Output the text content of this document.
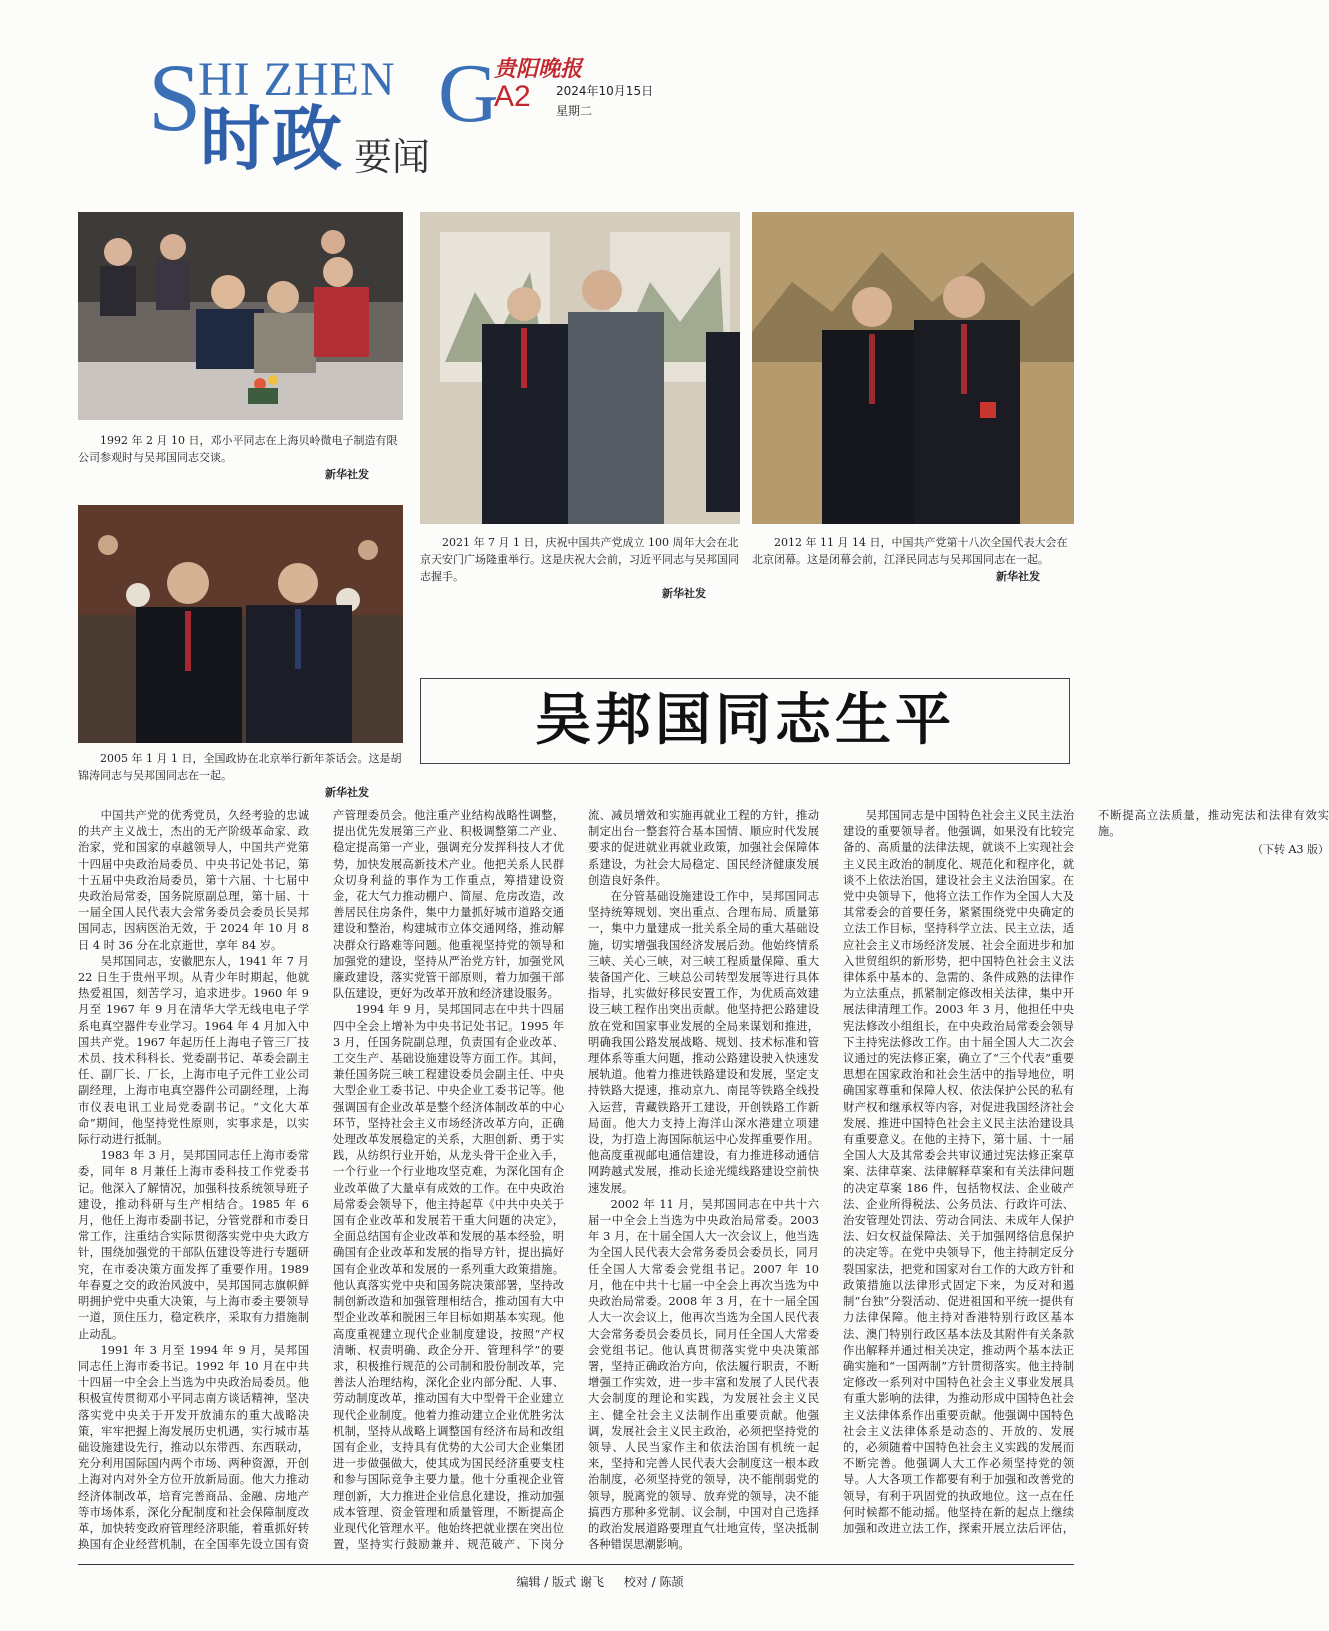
S
HI ZHEN G
时政 要闻
贵阳晚报
A2 2024年10月15日
星期二
1992 年 2 月 10 日，邓小平同志在上海贝岭微电子制造有限公司参观时与吴邦国同志交谈。
新华社发
2021 年 7 月 1 日，庆祝中国共产党成立 100 周年大会在北京天安门广场隆重举行。这是庆祝大会前，习近平同志与吴邦国同志握手。
新华社发
2012 年 11 月 14 日，中国共产党第十八次全国代表大会在北京闭幕。这是闭幕会前，江泽民同志与吴邦国同志在一起。
新华社发
2005 年 1 月 1 日，全国政协在北京举行新年茶话会。这是胡锦涛同志与吴邦国同志在一起。
新华社发
吴邦国同志生平

中国共产党的优秀党员，久经考验的忠诚的共产主义战士，杰出的无产阶级革命家、政治家，党和国家的卓越领导人，中国共产党第十四届中央政治局委员、中央书记处书记，第十五届中央政治局委员，第十六届、十七届中央政治局常委，国务院原副总理，第十届、十一届全国人民代表大会常务委员会委员长吴邦国同志，因病医治无效，于 2024 年 10 月 8 日 4 时 36 分在北京逝世，享年 84 岁。

吴邦国同志，安徽肥东人，1941 年 7 月 22 日生于贵州平坝。从青少年时期起，他就热爱祖国，刻苦学习，追求进步。1960 年 9 月至 1967 年 9 月在清华大学无线电电子学系电真空器件专业学习。1964 年 4 月加入中国共产党。1967 年起历任上海电子管三厂技术员、技术科科长、党委副书记、革委会副主任、副厂长、厂长，上海市电子元件工业公司副经理，上海市电真空器件公司副经理，上海市仪表电讯工业局党委副书记。“文化大革命”期间，他坚持党性原则，实事求是，以实际行动进行抵制。

1983 年 3 月，吴邦国同志任上海市委常委，同年 8 月兼任上海市委科技工作党委书记。他深入了解情况，加强科技系统领导班子建设，推动科研与生产相结合。1985 年 6 月，他任上海市委副书记，分管党群和市委日常工作，注重结合实际贯彻落实党中央大政方针，围绕加强党的干部队伍建设等进行专题研究，在市委决策方面发挥了重要作用。1989 年春夏之交的政治风波中，吴邦国同志旗帜鲜明拥护党中央重大决策，与上海市委主要领导一道，顶住压力，稳定秩序，采取有力措施制止动乱。

1991 年 3 月至 1994 年 9 月，吴邦国同志任上海市委书记。1992 年 10 月在中共十四届一中全会上当选为中央政治局委员。他积极宣传贯彻邓小平同志南方谈话精神，坚决落实党中央关于开发开放浦东的重大战略决策，牢牢把握上海发展历史机遇，实行城市基础设施建设先行，推动以东带西、东西联动，充分利用国际国内两个市场、两种资源，开创上海对内对外全方位开放新局面。他大力推动经济体制改革，培育完善商品、金融、房地产等市场体系，深化分配制度和社会保障制度改革，加快转变政府管理经济职能，着重抓好转换国有企业经营机制，在全国率先设立国有资产管理委员会。他注重产业结构战略性调整，提出优先发展第三产业、积极调整第二产业、稳定提高第一产业，强调充分发挥科技人才优势，加快发展高新技术产业。他把关系人民群众切身利益的事作为工作重点，筹措建设资金，花大气力推动棚户、简屋、危房改造，改善居民住房条件，集中力量抓好城市道路交通建设和整治，构建城市立体交通网络，推动解决群众行路难等问题。他重视坚持党的领导和加强党的建设，坚持从严治党方针，加强党风廉政建设，落实党管干部原则，着力加强干部队伍建设，更好为改革开放和经济建设服务。

1994 年 9 月，吴邦国同志在中共十四届四中全会上增补为中央书记处书记。1995 年 3 月，任国务院副总理，负责国有企业改革、工交生产、基础设施建设等方面工作。其间，兼任国务院三峡工程建设委员会副主任、中央大型企业工委书记、中央企业工委书记等。他强调国有企业改革是整个经济体制改革的中心环节，坚持社会主义市场经济改革方向，正确处理改革发展稳定的关系，大胆创新、勇于实践，从纺织行业开始，从龙头骨干企业入手，一个行业一个行业地攻坚克难，为深化国有企业改革做了大量卓有成效的工作。在中央政治局常委会领导下，他主持起草《中共中央关于国有企业改革和发展若干重大问题的决定》，全面总结国有企业改革和发展的基本经验，明确国有企业改革和发展的指导方针，提出搞好国有企业改革和发展的一系列重大政策措施。他认真落实党中央和国务院决策部署，坚持改制创新改造和加强管理相结合，推动国有大中型企业改革和脱困三年目标如期基本实现。他高度重视建立现代企业制度建设，按照“产权清晰、权责明确、政企分开、管理科学”的要求，积极推行规范的公司制和股份制改革，完善法人治理结构，深化企业内部分配、人事、劳动制度改革，推动国有大中型骨干企业建立现代企业制度。他着力推动建立企业优胜劣汰机制，坚持从战略上调整国有经济布局和改组国有企业，支持具有优势的大公司大企业集团进一步做强做大，使其成为国民经济重要支柱和参与国际竞争主要力量。他十分重视企业管理创新，大力推进企业信息化建设，推动加强成本管理、资金管理和质量管理，不断提高企业现代化管理水平。他始终把就业摆在突出位置，坚持实行鼓励兼并、规范破产、下岗分流、减员增效和实施再就业工程的方针，推动制定出台一整套符合基本国情、顺应时代发展要求的促进就业再就业政策，加强社会保障体系建设，为社会大局稳定、国民经济健康发展创造良好条件。

在分管基础设施建设工作中，吴邦国同志坚持统筹规划、突出重点、合理布局、质量第一，集中力量建成一批关系全局的重大基础设施，切实增强我国经济发展后劲。他始终情系三峡、关心三峡，对三峡工程质量保障、重大装备国产化、三峡总公司转型发展等进行具体指导，扎实做好移民安置工作，为优质高效建设三峡工程作出突出贡献。他坚持把公路建设放在党和国家事业发展的全局来谋划和推进，明确我国公路发展战略、规划、技术标准和管理体系等重大问题，推动公路建设驶入快速发展轨道。他着力推进铁路建设和发展，坚定支持铁路大提速，推动京九、南昆等铁路全线投入运营，青藏铁路开工建设，开创铁路工作新局面。他大力支持上海洋山深水港建立项建设，为打造上海国际航运中心发挥重要作用。他高度重视邮电通信建设，有力推进移动通信网跨越式发展，推动长途光缆线路建设空前快速发展。

2002 年 11 月，吴邦国同志在中共十六届一中全会上当选为中央政治局常委。2003 年 3 月，在十届全国人大一次会议上，他当选为全国人民代表大会常务委员会委员长，同月任全国人大常委会党组书记。2007 年 10 月，他在中共十七届一中全会上再次当选为中央政治局常委。2008 年 3 月，在十一届全国人大一次会议上，他再次当选为全国人民代表大会常务委员会委员长，同月任全国人大常委会党组书记。他认真贯彻落实党中央决策部署，坚持正确政治方向，依法履行职责，不断增强工作实效，进一步丰富和发展了人民代表大会制度的理论和实践，为发展社会主义民主、健全社会主义法制作出重要贡献。他强调，发展社会主义民主政治，必须把坚持党的领导、人民当家作主和依法治国有机统一起来，坚持和完善人民代表大会制度这一根本政治制度，必须坚持党的领导，决不能削弱党的领导，脱离党的领导、放弃党的领导，决不能搞西方那种多党制、议会制，中国对自己选择的政治发展道路要理直气壮地宣传，坚决抵制各种错误思潮影响。

吴邦国同志是中国特色社会主义民主法治建设的重要领导者。他强调，如果没有比较完备的、高质量的法律法规，就谈不上实现社会主义民主政治的制度化、规范化和程序化，就谈不上依法治国，建设社会主义法治国家。在党中央领导下，他将立法工作作为全国人大及其常委会的首要任务，紧紧围绕党中央确定的立法工作目标，坚持科学立法、民主立法，适应社会主义市场经济发展、社会全面进步和加入世贸组织的新形势，把中国特色社会主义法律体系中基本的、急需的、条件成熟的法律作为立法重点，抓紧制定修改相关法律，集中开展法律清理工作。2003 年 3 月，他担任中央宪法修改小组组长，在中央政治局常委会领导下主持宪法修改工作。由十届全国人大二次会议通过的宪法修正案，确立了“三个代表”重要思想在国家政治和社会生活中的指导地位，明确国家尊重和保障人权、依法保护公民的私有财产权和继承权等内容，对促进我国经济社会发展、推进中国特色社会主义民主法治建设具有重要意义。在他的主持下，第十届、十一届全国人大及其常委会共审议通过宪法修正案草案、法律草案、法律解释草案和有关法律问题的决定草案 186 件，包括物权法、企业破产法、企业所得税法、公务员法、行政许可法、治安管理处罚法、劳动合同法、未成年人保护法、妇女权益保障法、关于加强网络信息保护的决定等。在党中央领导下，他主持制定反分裂国家法，把党和国家对台工作的大政方针和政策措施以法律形式固定下来，为反对和遏制“台独”分裂活动、促进祖国和平统一提供有力法律保障。他主持对香港特别行政区基本法、澳门特别行政区基本法及其附件有关条款作出解释并通过相关决定，推动两个基本法正确实施和“一国两制”方针贯彻落实。他主持制定修改一系列对中国特色社会主义事业发展具有重大影响的法律，为推动形成中国特色社会主义法律体系作出重要贡献。他强调中国特色社会主义法律体系是动态的、开放的、发展的，必须随着中国特色社会主义实践的发展而不断完善。他强调人大工作必须坚持党的领导。人大各项工作都要有利于加强和改善党的领导，有利于巩固党的执政地位。这一点在任何时候都不能动摇。他坚持在新的起点上继续加强和改进立法工作，探索开展立法后评估，不断提高立法质量，推动宪法和法律有效实施。

（下转 A3 版）
编辑 / 版式 谢飞 校对 / 陈颉
